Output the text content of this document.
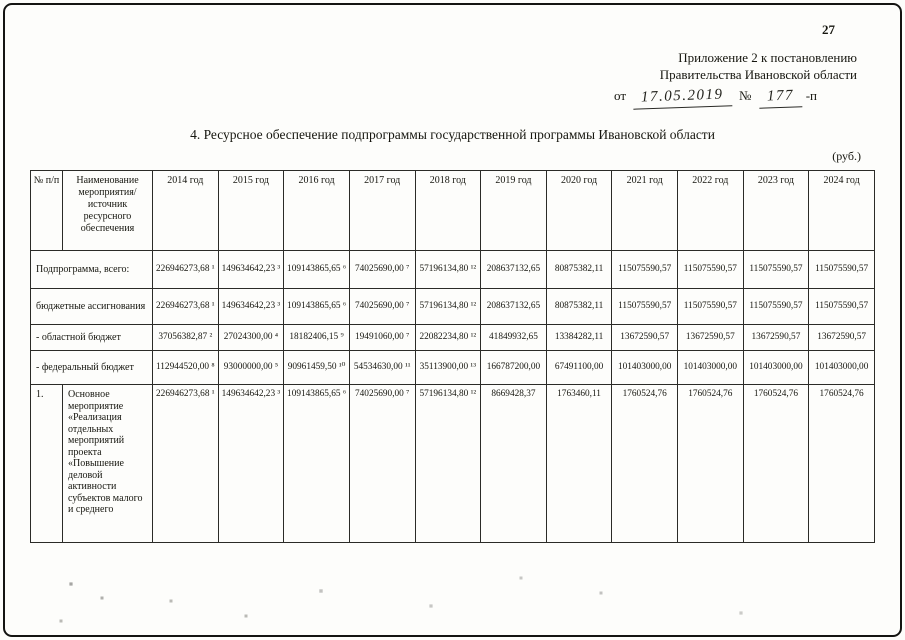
27
Приложение 2 к постановлению
Правительства Ивановской области
от 17.05.2019 № 177 -п
4. Ресурсное обеспечение подпрограммы государственной программы Ивановской области
(руб.)
№ п/п	Наименование мероприятия/ источник ресурсного обеспечения	2014 год	2015 год	2016 год	2017 год	2018 год	2019 год	2020 год	2021 год	2022 год	2023 год	2024 год
Подпрограмма, всего:		226946273,68 ¹	149634642,23 ³	109143865,65 ⁶	74025690,00 ⁷	57196134,80 ¹²	208637132,65	80875382,11	115075590,57	115075590,57	115075590,57	115075590,57
бюджетные ассигнования		226946273,68 ¹	149634642,23 ³	109143865,65 ⁶	74025690,00 ⁷	57196134,80 ¹²	208637132,65	80875382,11	115075590,57	115075590,57	115075590,57	115075590,57
- областной бюджет		37056382,87 ²	27024300,00 ⁴	18182406,15 ⁹	19491060,00 ⁷	22082234,80 ¹²	41849932,65	13384282,11	13672590,57	13672590,57	13672590,57	13672590,57
- федеральный бюджет		112944520,00 ⁸	93000000,00 ⁵	90961459,50 ¹⁰	54534630,00 ¹¹	35113900,00 ¹³	166787200,00	67491100,00	101403000,00	101403000,00	101403000,00	101403000,00
1.	Основное мероприятие «Реализация отдельных мероприятий проекта «Повышение деловой активности субъектов малого и среднего	226946273,68 ¹	149634642,23 ³	109143865,65 ⁶	74025690,00 ⁷	57196134,80 ¹²	8669428,37	1763460,11	1760524,76	1760524,76	1760524,76	1760524,76
